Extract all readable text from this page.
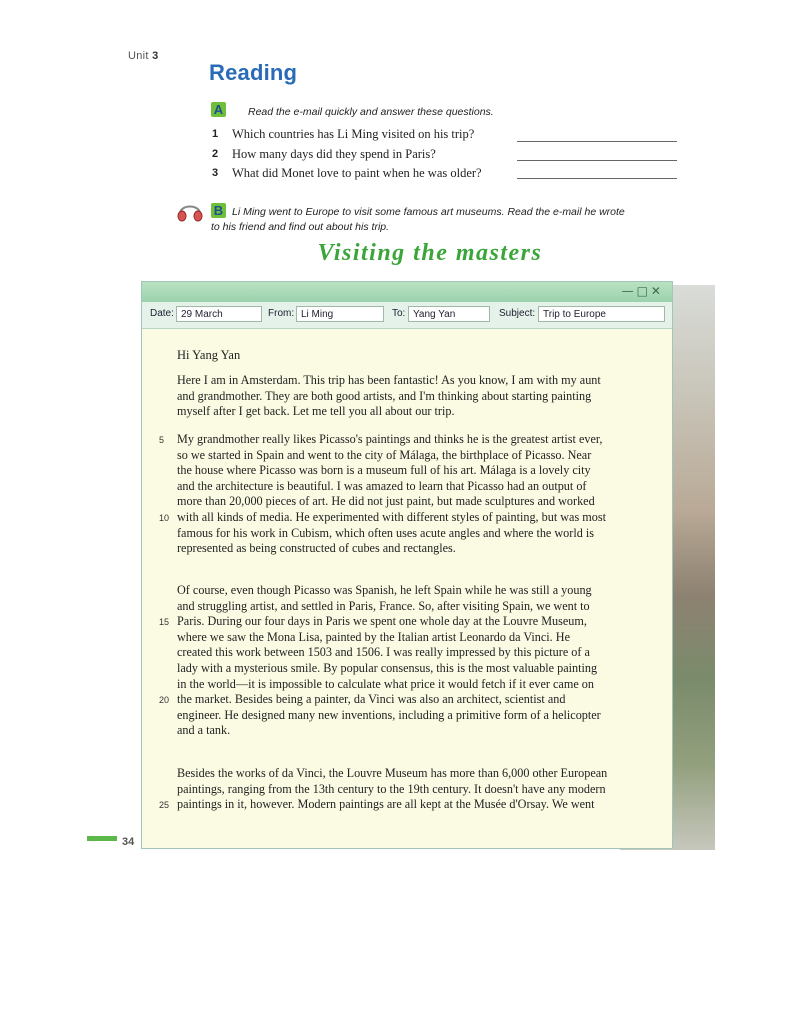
Unit 3
Reading
A Read the e-mail quickly and answer these questions.
1 Which countries has Li Ming visited on his trip?
2 How many days did they spend in Paris?
3 What did Monet love to paint when he was older?
B Li Ming went to Europe to visit some famous art museums. Read the e-mail he wrote
to his friend and find out about his trip.
Visiting the masters
—□✕
Date: 29 March	From: Li Ming	To: Yang Yan	Subject: Trip to Europe
Hi Yang Yan
Here I am in Amsterdam. This trip has been fantastic! As you know, I am with my aunt
and grandmother. They are both good artists, and I'm thinking about starting painting
myself after I get back. Let me tell you all about our trip.
5 My grandmother really likes Picasso's paintings and thinks he is the greatest artist ever,
so we started in Spain and went to the city of Málaga, the birthplace of Picasso. Near
the house where Picasso was born is a museum full of his art. Málaga is a lovely city
and the architecture is beautiful. I was amazed to learn that Picasso had an output of
more than 20,000 pieces of art. He did not just paint, but made sculptures and worked
10 with all kinds of media. He experimented with different styles of painting, but was most
famous for his work in Cubism, which often uses acute angles and where the world is
represented as being constructed of cubes and rectangles.
Of course, even though Picasso was Spanish, he left Spain while he was still a young
and struggling artist, and settled in Paris, France. So, after visiting Spain, we went to
15 Paris. During our four days in Paris we spent one whole day at the Louvre Museum,
where we saw the Mona Lisa, painted by the Italian artist Leonardo da Vinci. He
created this work between 1503 and 1506. I was really impressed by this picture of a
lady with a mysterious smile. By popular consensus, this is the most valuable painting
in the world—it is impossible to calculate what price it would fetch if it ever came on
20 the market. Besides being a painter, da Vinci was also an architect, scientist and
engineer. He designed many new inventions, including a primitive form of a helicopter
and a tank.
Besides the works of da Vinci, the Louvre Museum has more than 6,000 other European
paintings, ranging from the 13th century to the 19th century. It doesn't have any modern
25 paintings in it, however. Modern paintings are all kept at the Musée d'Orsay. We went
34
